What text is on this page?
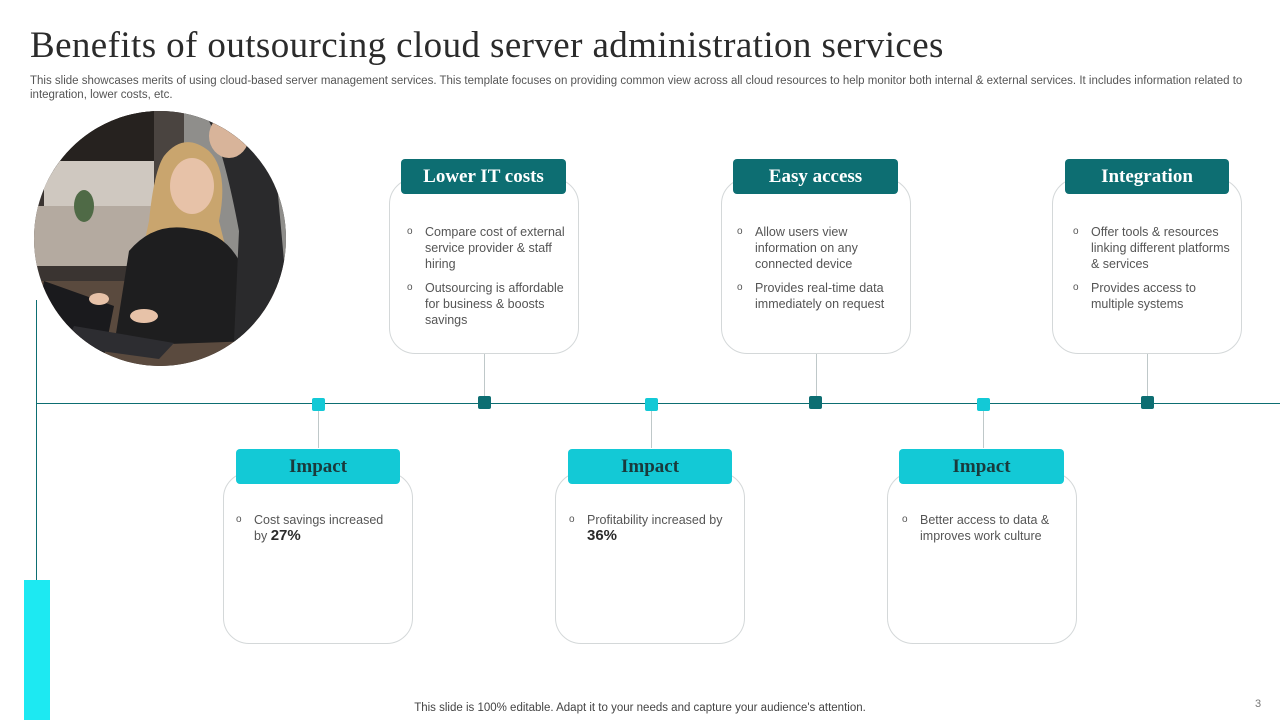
Benefits of outsourcing cloud server administration services
This slide showcases merits of using cloud-based server management services. This template focuses on providing common view across all cloud resources to help monitor both internal & external services. It includes information related to integration, lower costs, etc.
Lower IT costs
o Compare cost of external service provider & staff hiring
o Outsourcing is affordable for business & boosts savings
Easy access
o Allow users view information on any connected device
o Provides real-time data immediately on request
Integration
o Offer tools & resources linking different platforms & services
o Provides access to multiple systems
Impact
o Cost savings increased by 27%
Impact
o Profitability increased by 36%
Impact
o Better access to data & improves work culture
This slide is 100% editable. Adapt it to your needs and capture your audience's attention.	3
